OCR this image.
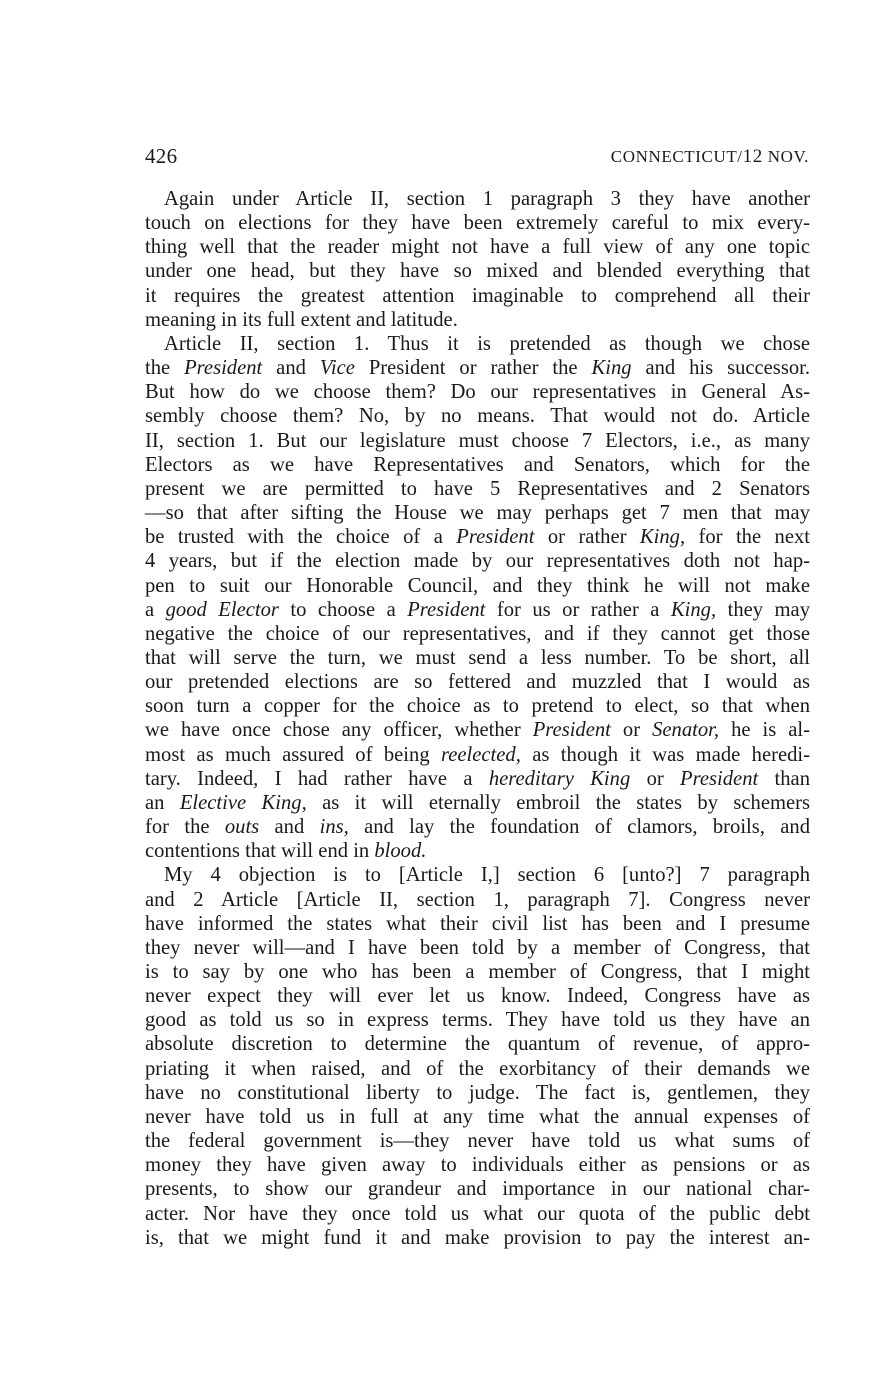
426	CONNECTICUT/12 NOV.

Again under Article II, section 1 paragraph 3 they have another
touch on elections for they have been extremely careful to mix every-
thing well that the reader might not have a full view of any one topic
under one head, but they have so mixed and blended everything that
it requires the greatest attention imaginable to comprehend all their
meaning in its full extent and latitude.

Article II, section 1. Thus it is pretended as though we chose
the President and Vice President or rather the King and his successor.
But how do we choose them? Do our representatives in General As-
sembly choose them? No, by no means. That would not do. Article
II, section 1. But our legislature must choose 7 Electors, i.e., as many
Electors as we have Representatives and Senators, which for the
present we are permitted to have 5 Representatives and 2 Senators
—so that after sifting the House we may perhaps get 7 men that may
be trusted with the choice of a President or rather King, for the next
4 years, but if the election made by our representatives doth not hap-
pen to suit our Honorable Council, and they think he will not make
a good Elector to choose a President for us or rather a King, they may
negative the choice of our representatives, and if they cannot get those
that will serve the turn, we must send a less number. To be short, all
our pretended elections are so fettered and muzzled that I would as
soon turn a copper for the choice as to pretend to elect, so that when
we have once chose any officer, whether President or Senator, he is al-
most as much assured of being reelected, as though it was made heredi-
tary. Indeed, I had rather have a hereditary King or President than
an Elective King, as it will eternally embroil the states by schemers
for the outs and ins, and lay the foundation of clamors, broils, and
contentions that will end in blood.

My 4 objection is to [Article I,] section 6 [unto?] 7 paragraph
and 2 Article [Article II, section 1, paragraph 7]. Congress never
have informed the states what their civil list has been and I presume
they never will—and I have been told by a member of Congress, that
is to say by one who has been a member of Congress, that I might
never expect they will ever let us know. Indeed, Congress have as
good as told us so in express terms. They have told us they have an
absolute discretion to determine the quantum of revenue, of appro-
priating it when raised, and of the exorbitancy of their demands we
have no constitutional liberty to judge. The fact is, gentlemen, they
never have told us in full at any time what the annual expenses of
the federal government is—they never have told us what sums of
money they have given away to individuals either as pensions or as
presents, to show our grandeur and importance in our national char-
acter. Nor have they once told us what our quota of the public debt
is, that we might fund it and make provision to pay the interest an-
